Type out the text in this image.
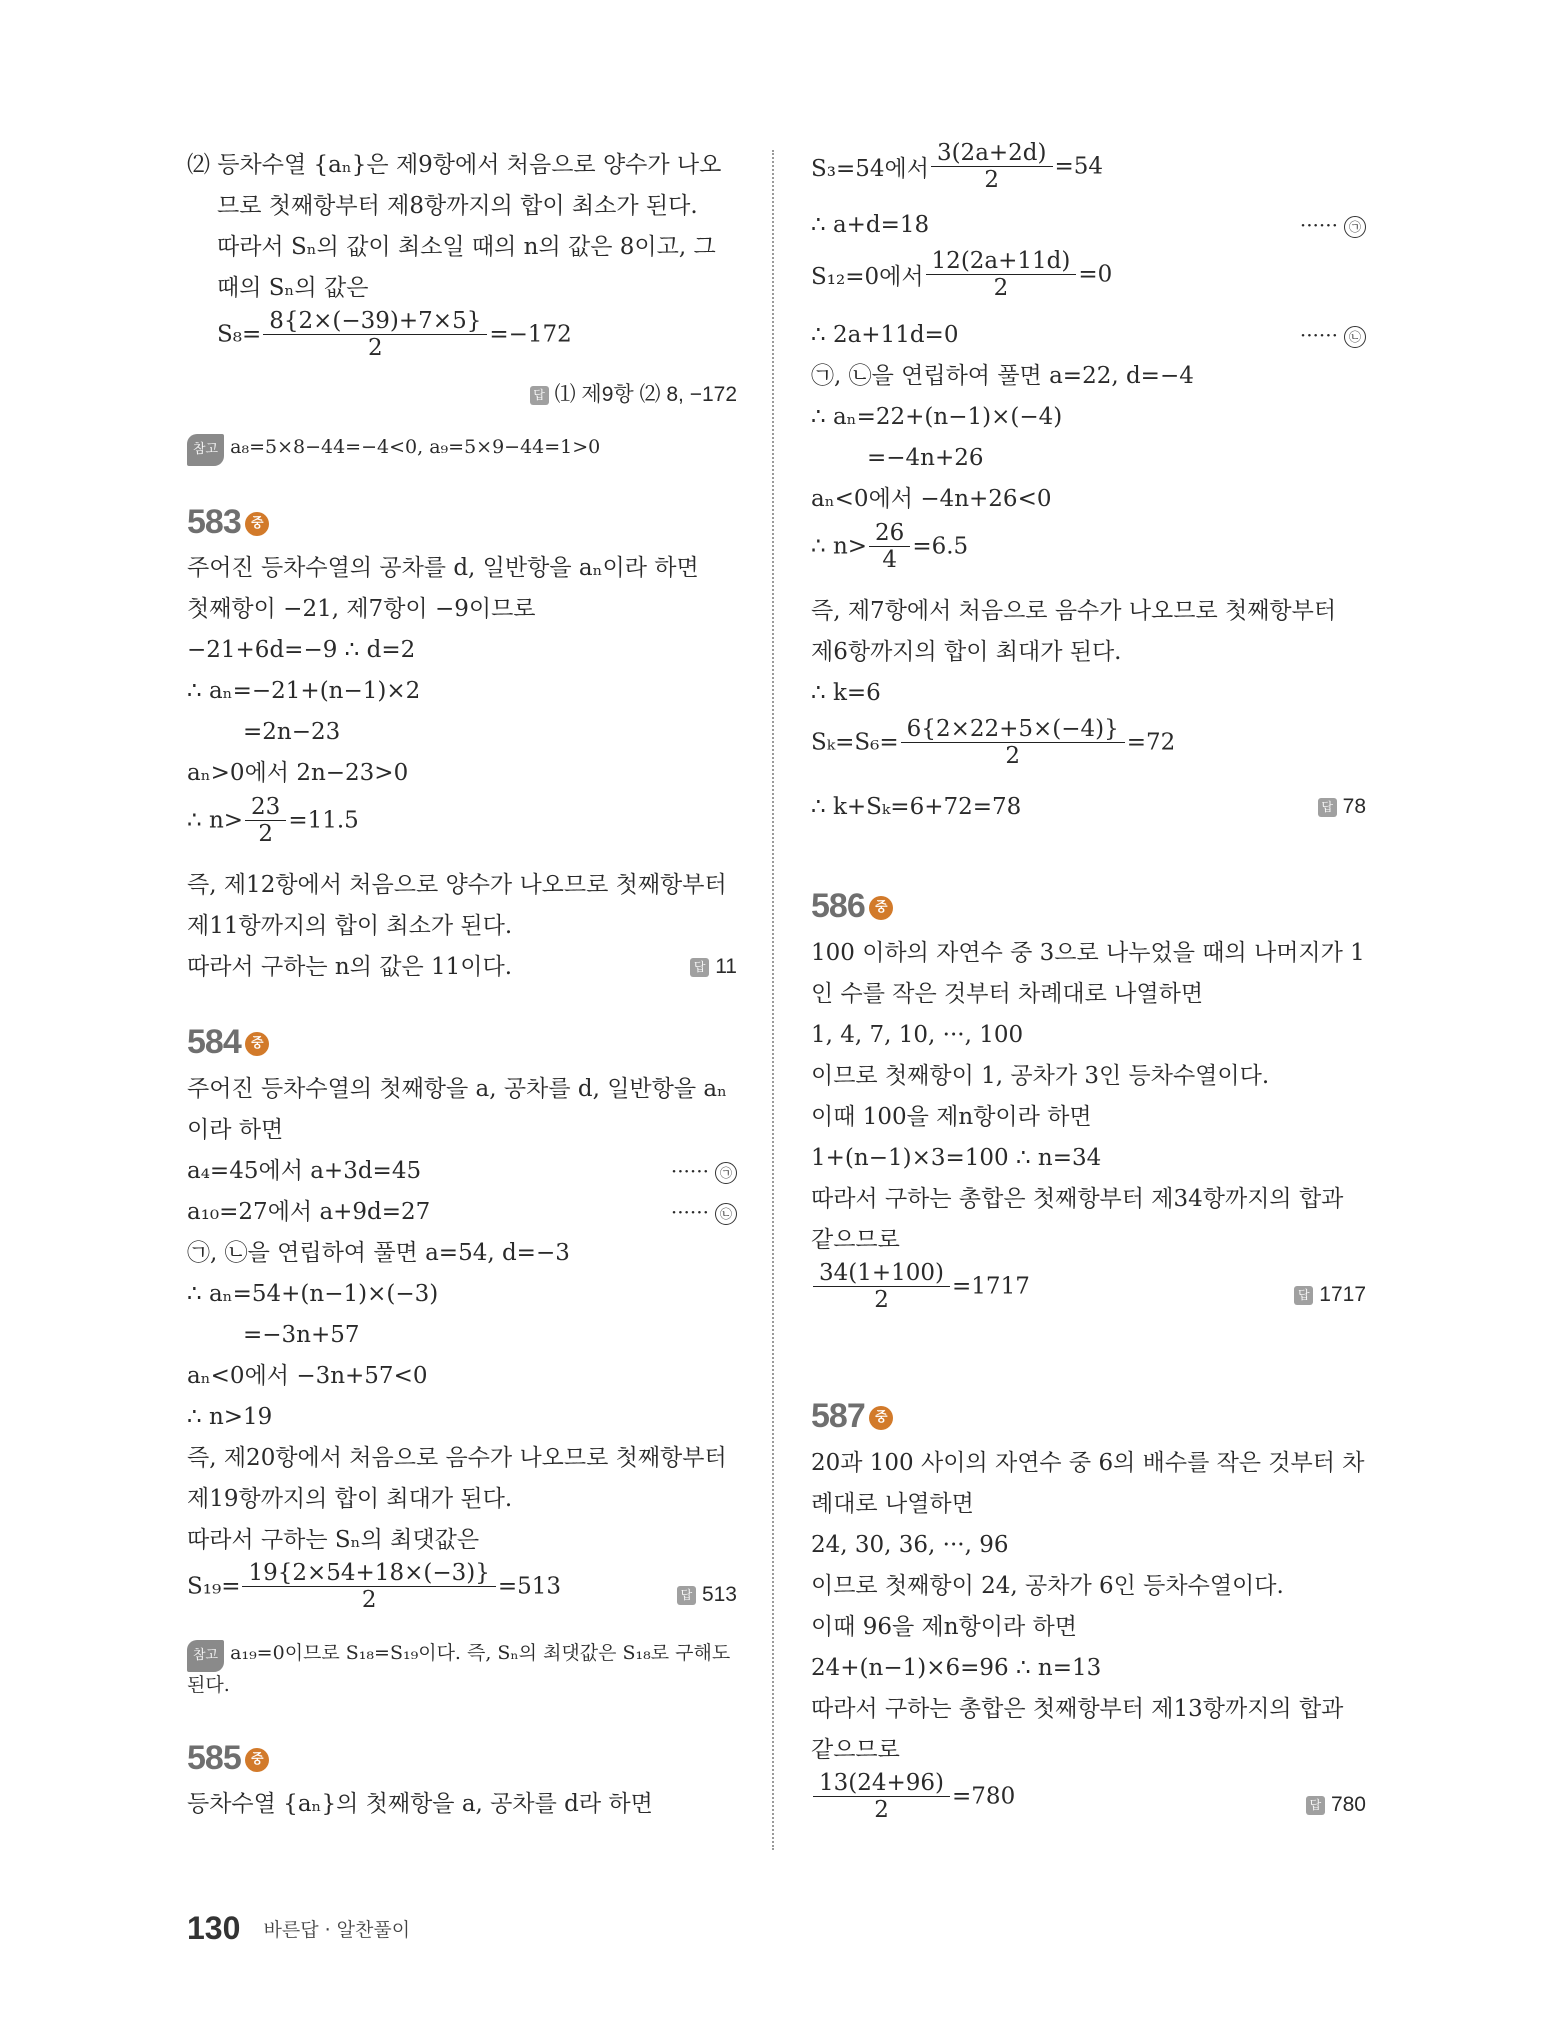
⑵ 등차수열 {aₙ}은 제9항에서 처음으로 양수가 나오
므로 첫째항부터 제8항까지의 합이 최소가 된다.
따라서 Sₙ의 값이 최소일 때의 n의 값은 8이고, 그
때의 Sₙ의 값은
$S_8= \frac{8\{2\times(-39)+7\times 5\}}{2} =-172$
답 ⑴ 제9항 ⑵ 8, −172
참고 a₈=5×8−44=−4<0, a₉=5×9−44=1>0
583 중
주어진 등차수열의 공차를 d, 일반항을 aₙ이라 하면
첫째항이 −21, 제7항이 −9이므로
−21+6d=−9 ∴ d=2
∴ aₙ=−21+(n−1)×2
=2n−23
aₙ>0에서 2n−23>0
∴ $n> \frac{23}{2} =11.5$
즉, 제12항에서 처음으로 양수가 나오므로 첫째항부터
제11항까지의 합이 최소가 된다.
따라서 구하는 n의 값은 11이다.	답 11
584 중
주어진 등차수열의 첫째항을 a, 공차를 d, 일반항을 aₙ
이라 하면
a₄=45에서 a+3d=45	······ ㉠
a₁₀=27에서 a+9d=27	······ ㉡
㉠, ㉡을 연립하여 풀면 a=54, d=−3
∴ aₙ=54+(n−1)×(−3)
=−3n+57
aₙ<0에서 −3n+57<0
∴ n>19
즉, 제20항에서 처음으로 음수가 나오므로 첫째항부터
제19항까지의 합이 최대가 된다.
따라서 구하는 Sₙ의 최댓값은
$S_{19}= \frac{19\{2\times 54+18\times(-3)\}}{2} =513$	답 513
참고 a₁₉=0이므로 S₁₈=S₁₉이다. 즉, Sₙ의 최댓값은 S₁₈로 구해도
된다.
585 중
등차수열 {aₙ}의 첫째항을 a, 공차를 d라 하면
S₃=54에서 $\frac{3(2a+2d)}{2} =54$
∴ a+d=18	······ ㉠
S₁₂=0에서 $\frac{12(2a+11d)}{2} =0$
∴ 2a+11d=0	······ ㉡
㉠, ㉡을 연립하여 풀면 a=22, d=−4
∴ aₙ=22+(n−1)×(−4)
=−4n+26
aₙ<0에서 −4n+26<0
∴ $n> \frac{26}{4} =6.5$
즉, 제7항에서 처음으로 음수가 나오므로 첫째항부터
제6항까지의 합이 최대가 된다.
∴ k=6
$S_k=S_6= \frac{6\{2\times 22+5\times(-4)\}}{2} =72$
∴ k+Sₖ=6+72=78	답 78
586 중
100 이하의 자연수 중 3으로 나누었을 때의 나머지가 1
인 수를 작은 것부터 차례대로 나열하면
1, 4, 7, 10, ···, 100
이므로 첫째항이 1, 공차가 3인 등차수열이다.
이때 100을 제n항이라 하면
1+(n−1)×3=100 ∴ n=34
따라서 구하는 총합은 첫째항부터 제34항까지의 합과
같으므로
$\frac{34(1+100)}{2} =1717$	답 1717
587 중
20과 100 사이의 자연수 중 6의 배수를 작은 것부터 차
례대로 나열하면
24, 30, 36, ···, 96
이므로 첫째항이 24, 공차가 6인 등차수열이다.
이때 96을 제n항이라 하면
24+(n−1)×6=96 ∴ n=13
따라서 구하는 총합은 첫째항부터 제13항까지의 합과
같으므로
$\frac{13(24+96)}{2} =780$	답 780
130 바른답 · 알찬풀이
